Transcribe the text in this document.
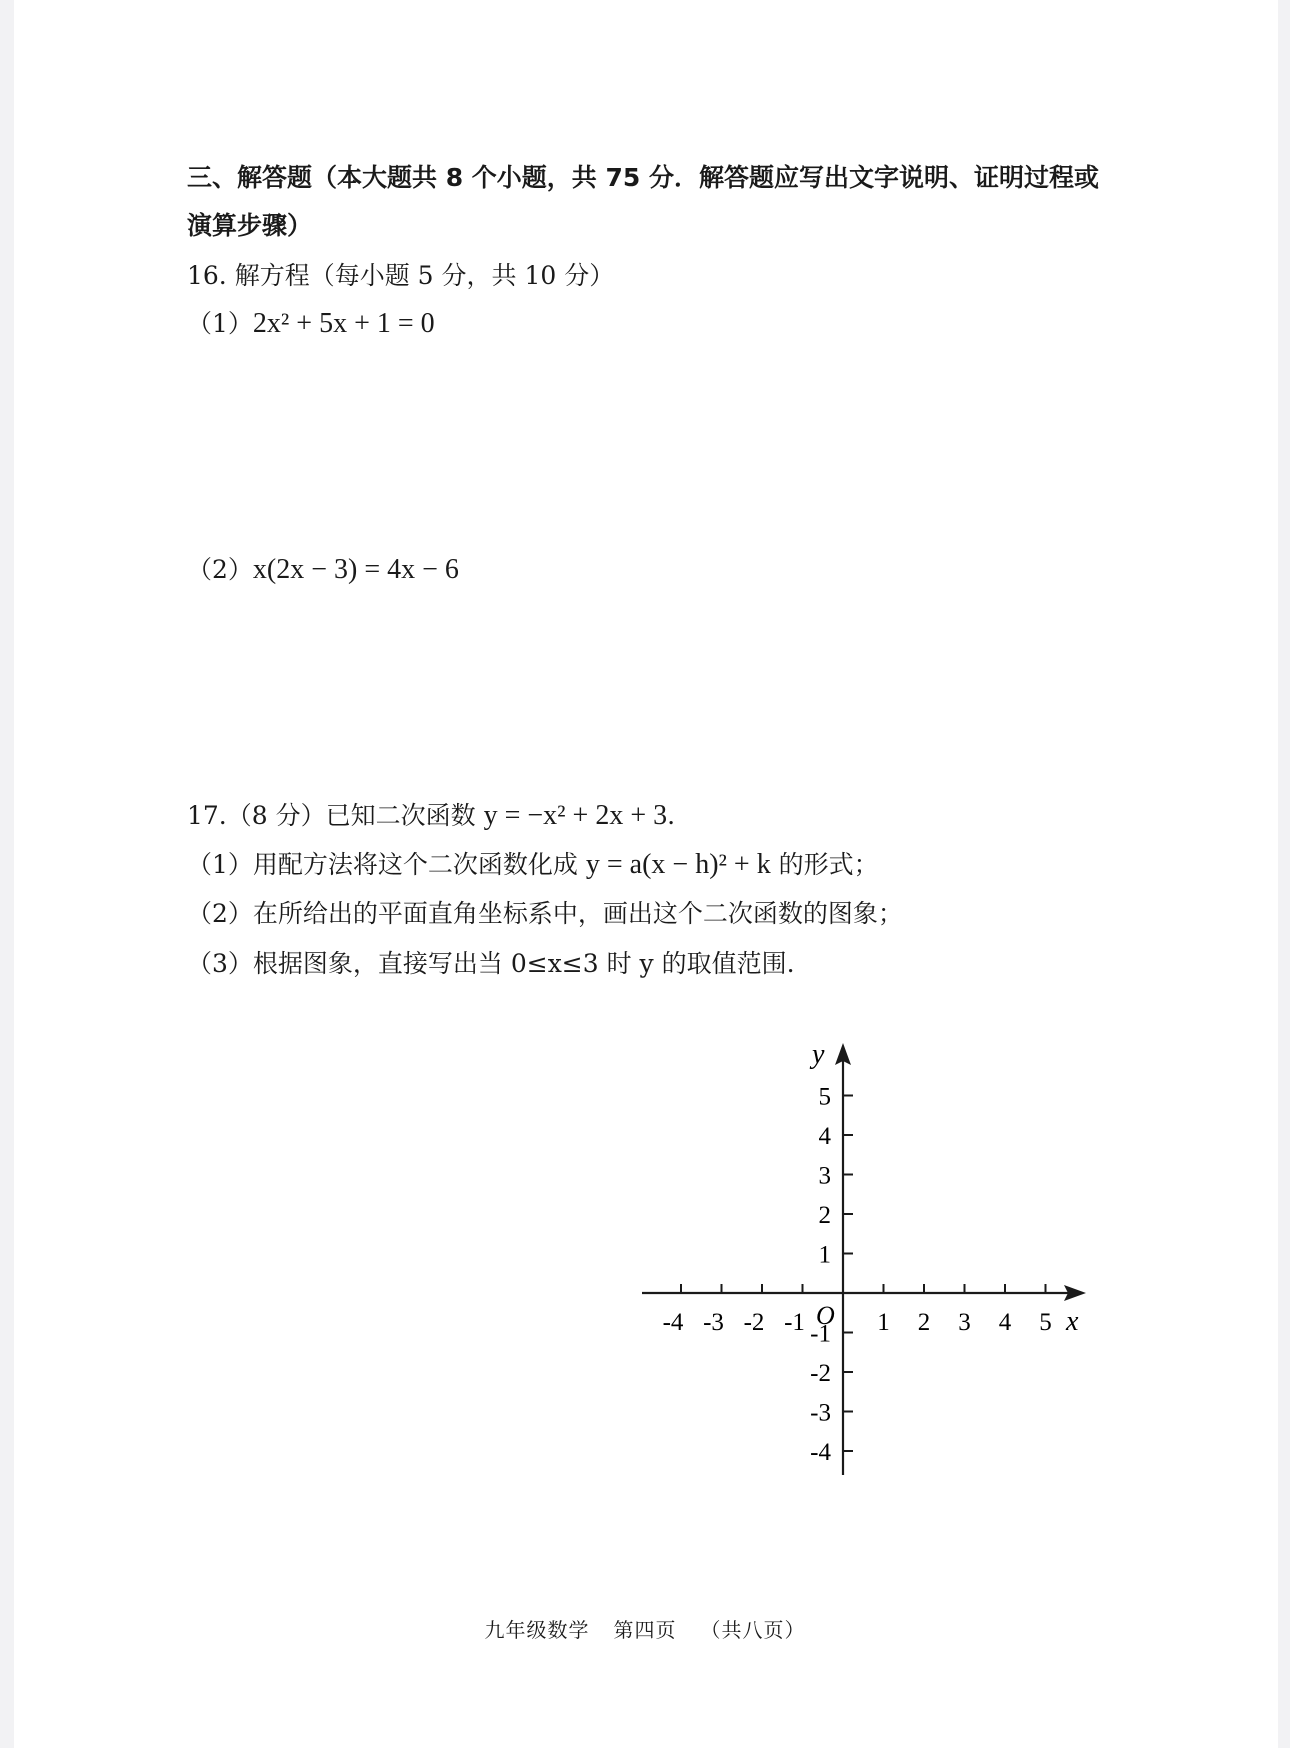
三、解答题（本大题共 8 个小题，共 75 分．解答题应写出文字说明、证明过程或
演算步骤）
16. 解方程（每小题 5 分，共 10 分）
（1）2x² + 5x + 1 = 0
（2）x(2x − 3) = 4x − 6
17.（8 分）已知二次函数 y = −x² + 2x + 3.
（1）用配方法将这个二次函数化成 y = a(x − h)² + k 的形式；
（2）在所给出的平面直角坐标系中，画出这个二次函数的图象；
（3）根据图象，直接写出当 0≤x≤3 时 y 的取值范围.
x
y
O
-4 -3 -2 -1	1 2 3 4 5
5
4
3
2
1
-1
-2
-3
-4
九年级数学 第四页 （共八页）
